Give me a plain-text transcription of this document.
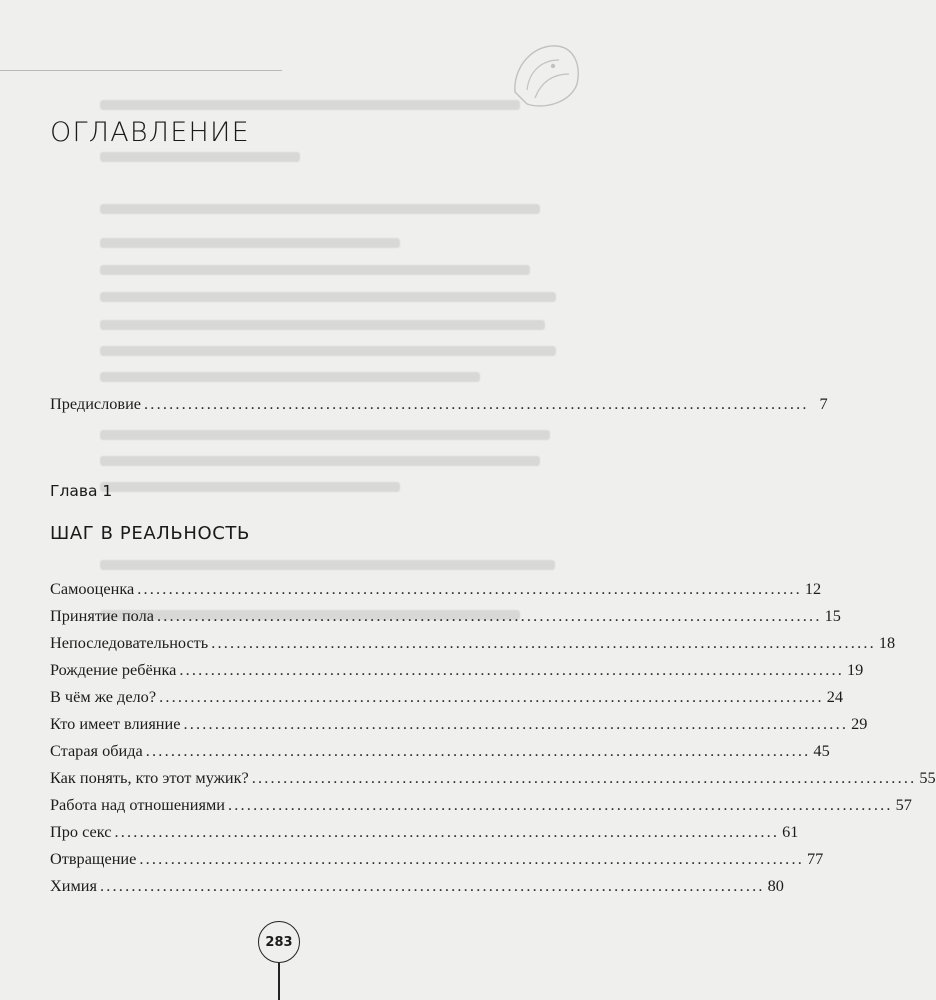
ОГЛАВЛЕНИЕ
Предисловие .......................................................................................................... 7

Глава 1

ШАГ В РЕАЛЬНОСТЬ
Самооценка .......................................................................................................... 12
Принятие пола .......................................................................................................... 15
Непоследовательность .......................................................................................................... 18
Рождение ребёнка .......................................................................................................... 19
В чём же дело? .......................................................................................................... 24
Кто имеет влияние .......................................................................................................... 29
Старая обида .......................................................................................................... 45
Как понять, кто этот мужик? .......................................................................................................... 55
Работа над отношениями .......................................................................................................... 57
Про секс .......................................................................................................... 61
Отвращение .......................................................................................................... 77
Химия .......................................................................................................... 80
283
